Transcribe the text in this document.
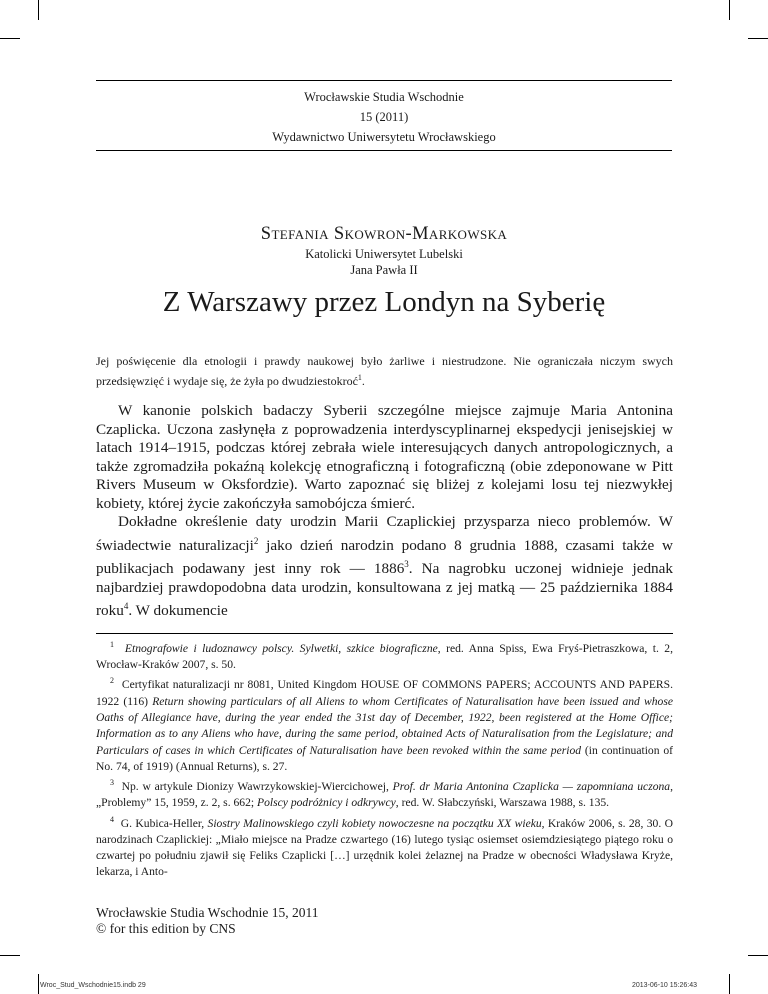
Wrocławskie Studia Wschodnie
15 (2011)
Wydawnictwo Uniwersytetu Wrocławskiego
Stefania Skowron-Markowska
Katolicki Uniwersytet Lubelski
Jana Pawła II
Z Warszawy przez Londyn na Syberię
Jej poświęcenie dla etnologii i prawdy naukowej było żarliwe i niestrudzone. Nie ograniczała niczym swych przedsięwzięć i wydaje się, że żyła po dwudziestokroć$^1$.

W kanonie polskich badaczy Syberii szczególne miejsce zajmuje Maria Antonina Czaplicka. Uczona zasłynęła z poprowadzenia interdyscyplinarnej ekspedycji jenisejskiej w latach 1914–1915, podczas której zebrała wiele interesujących danych antropologicznych, a także zgromadziła pokaźną kolekcję etnograficzną i fotograficzną (obie zdeponowane w Pitt Rivers Museum w Oksfordzie). Warto zapoznać się bliżej z kolejami losu tej niezwykłej kobiety, której życie zakończyła samobójcza śmierć.

Dokładne określenie daty urodzin Marii Czaplickiej przysparza nieco problemów. W świadectwie naturalizacji$^2$ jako dzień narodzin podano 8 grudnia 1888, czasami także w publikacjach podawany jest inny rok — 1886$^3$. Na nagrobku uczonej widnieje jednak najbardziej prawdopodobna data urodzin, konsultowana z jej matką — 25 października 1884 roku$^4$. W dokumencie

$^1$ Etnografowie i ludoznawcy polscy. Sylwetki, szkice biograficzne, red. Anna Spiss, Ewa Fryś-Pietraszkowa, t. 2, Wrocław-Kraków 2007, s. 50.

$^2$ Certyfikat naturalizacji nr 8081, United Kingdom HOUSE OF COMMONS PAPERS; ACCOUNTS AND PAPERS. 1922 (116) Return showing particulars of all Aliens to whom Certificates of Naturalisation have been issued and whose Oaths of Allegiance have, during the year ended the 31st day of December, 1922, been registered at the Home Office; Information as to any Aliens who have, during the same period, obtained Acts of Naturalisation from the Legislature; and Particulars of cases in which Certificates of Naturalisation have been revoked within the same period (in continuation of No. 74, of 1919) (Annual Returns), s. 27.

$^3$ Np. w artykule Dionizy Wawrzykowskiej-Wiercichowej, Prof. dr Maria Antonina Czaplicka — zapomniana uczona, „Problemy” 15, 1959, z. 2, s. 662; Polscy podróżnicy i odkrywcy, red. W. Słabczyński, Warszawa 1988, s. 135.

$^4$ G. Kubica-Heller, Siostry Malinowskiego czyli kobiety nowoczesne na początku XX wieku, Kraków 2006, s. 28, 30. O narodzinach Czaplickiej: „Miało miejsce na Pradze czwartego (16) lutego tysiąc osiemset osiemdziesiątego piątego roku o czwartej po południu zjawił się Feliks Czaplicki […] urzędnik kolei żelaznej na Pradze w obecności Władysława Kryże, lekarza, i Anto-

Wrocławskie Studia Wschodnie 15, 2011
© for this edition by CNS
Wroc_Stud_Wschodnie15.indb 29	2013-06-10 15:26:43
